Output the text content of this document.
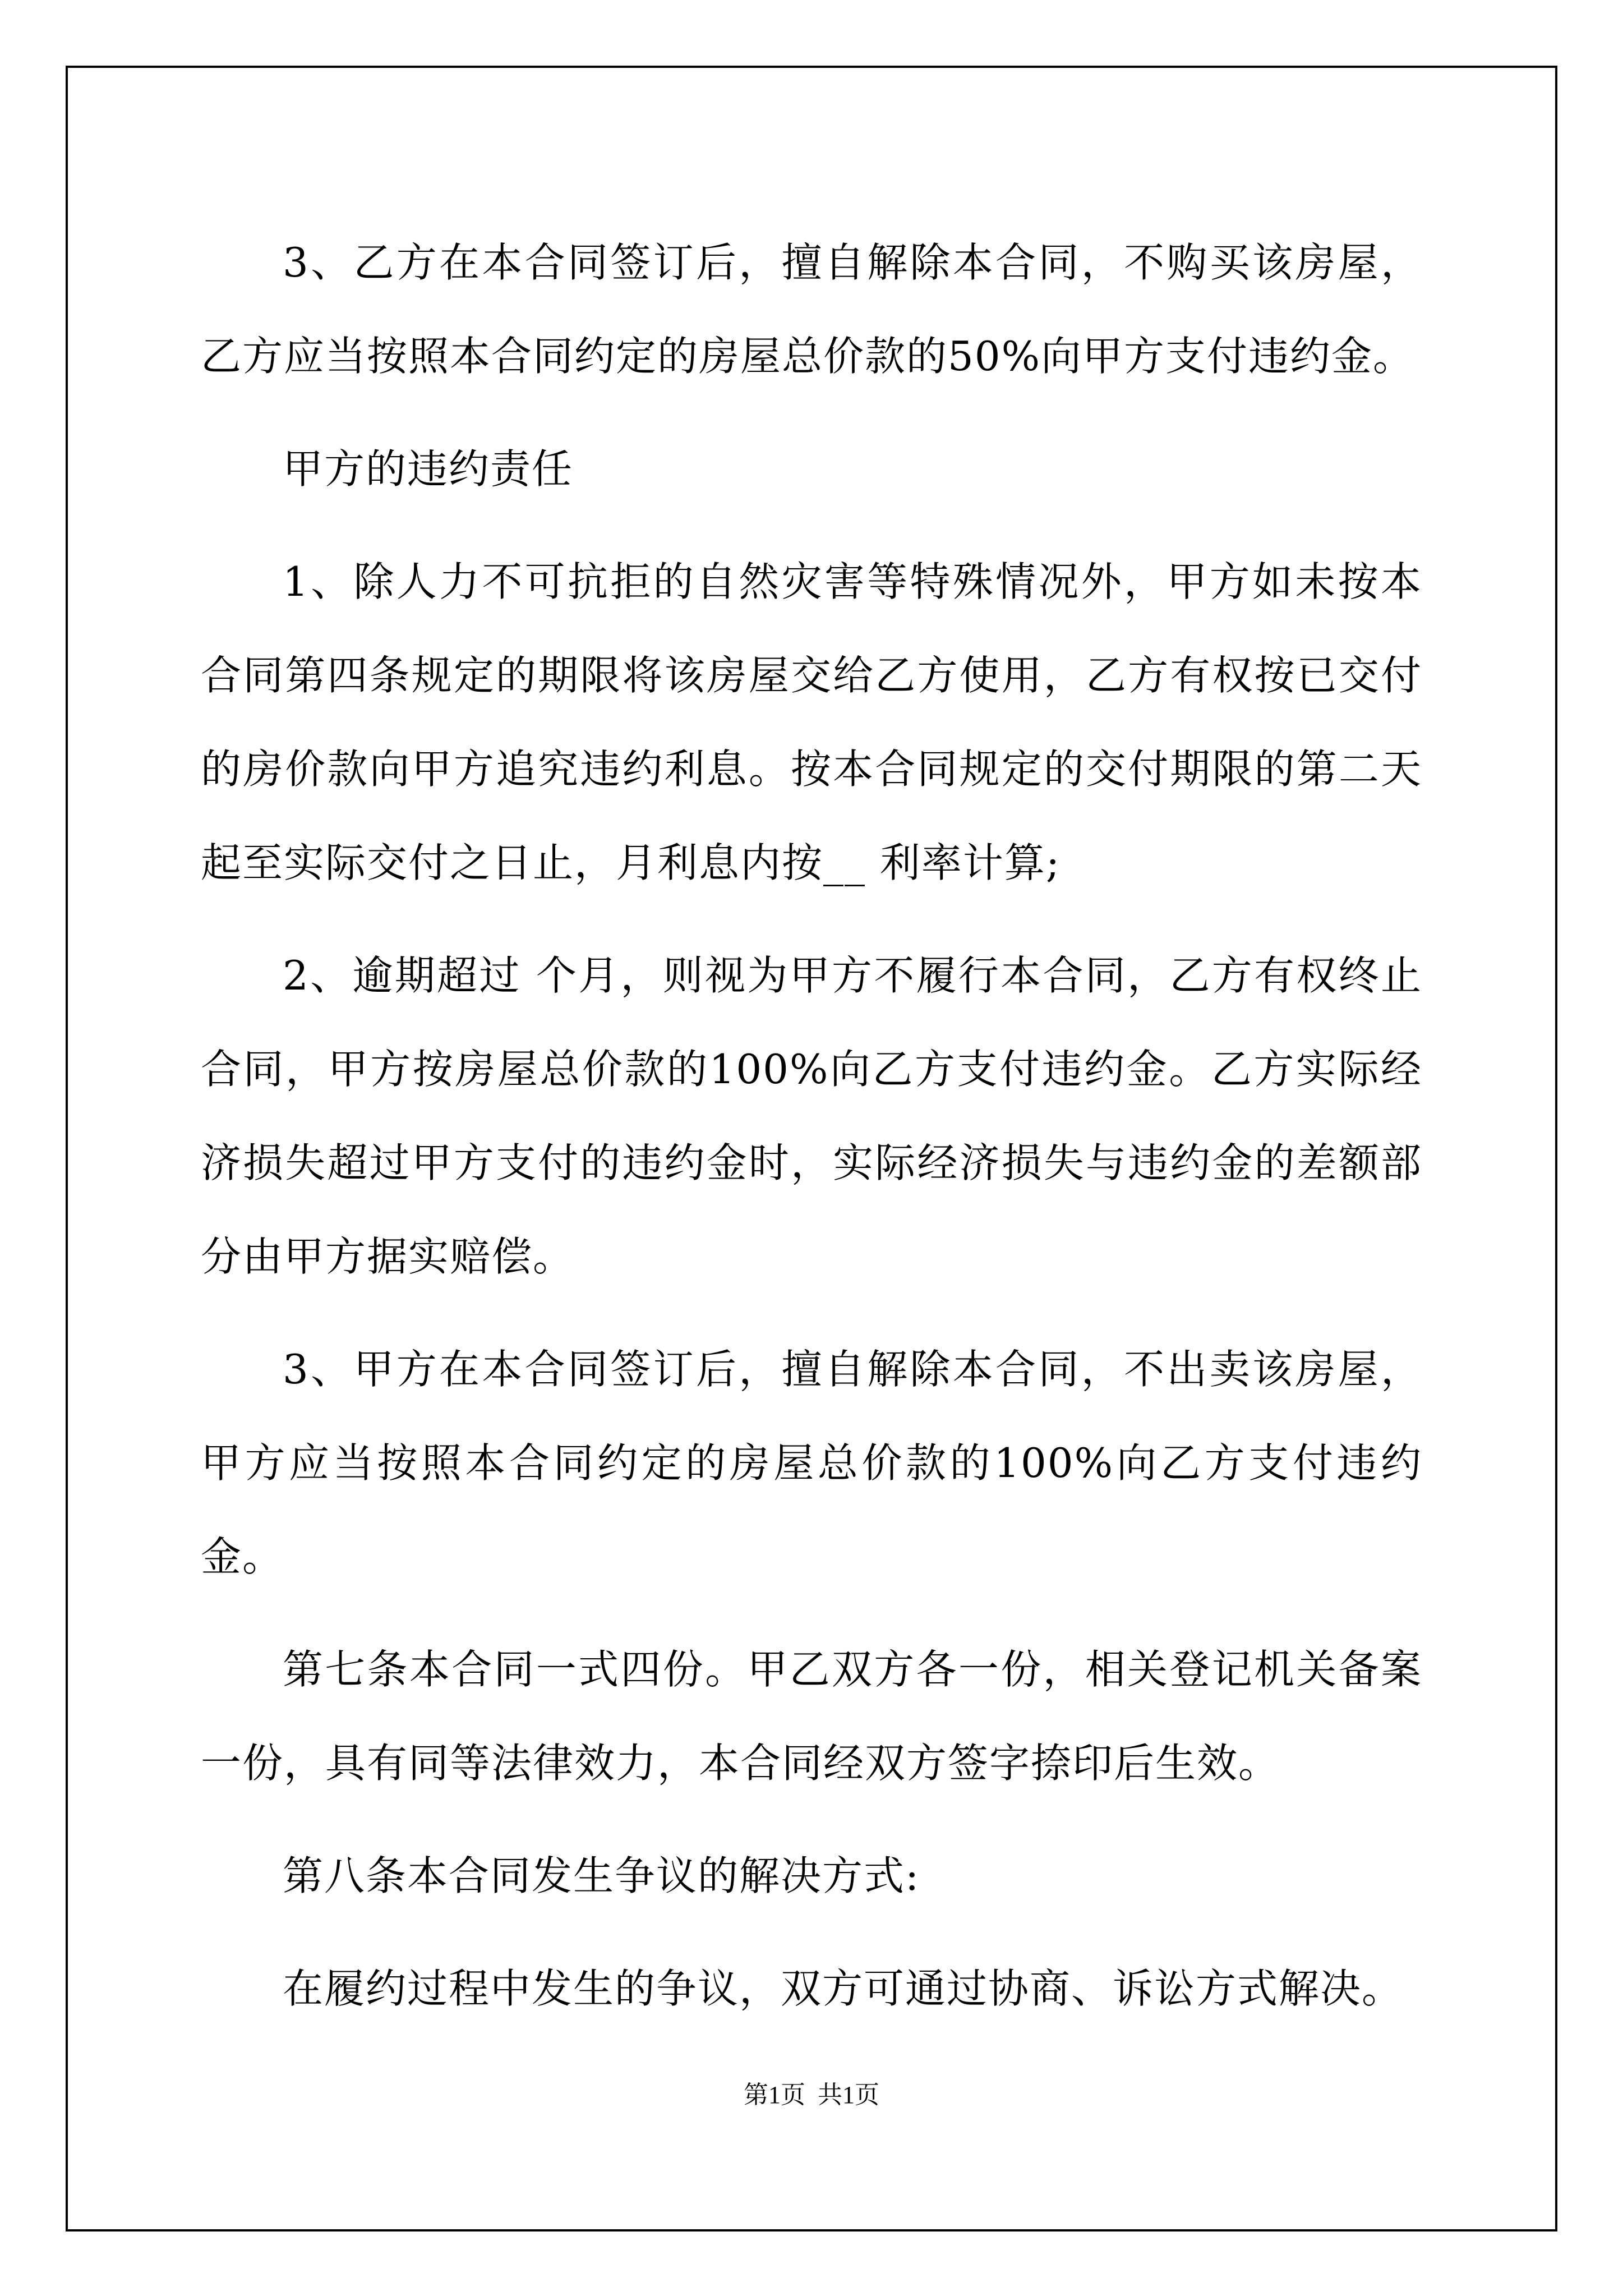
3、乙方在本合同签订后，擅自解除本合同，不购买该房屋，乙方应当按照本合同约定的房屋总价款的50%向甲方支付违约金。

甲方的违约责任

1、除人力不可抗拒的自然灾害等特殊情况外，甲方如未按本合同第四条规定的期限将该房屋交给乙方使用，乙方有权按已交付的房价款向甲方追究违约利息。按本合同规定的交付期限的第二天起至实际交付之日止，月利息内按__ 利率计算;

2、逾期超过 个月，则视为甲方不履行本合同，乙方有权终止合同，甲方按房屋总价款的100%向乙方支付违约金。乙方实际经济损失超过甲方支付的违约金时，实际经济损失与违约金的差额部分由甲方据实赔偿。

3、甲方在本合同签订后，擅自解除本合同，不出卖该房屋，甲方应当按照本合同约定的房屋总价款的100%向乙方支付违约金。

第七条本合同一式四份。甲乙双方各一份，相关登记机关备案一份，具有同等法律效力，本合同经双方签字捺印后生效。

第八条本合同发生争议的解决方式:

在履约过程中发生的争议，双方可通过协商、诉讼方式解决。

第1页  共1页
